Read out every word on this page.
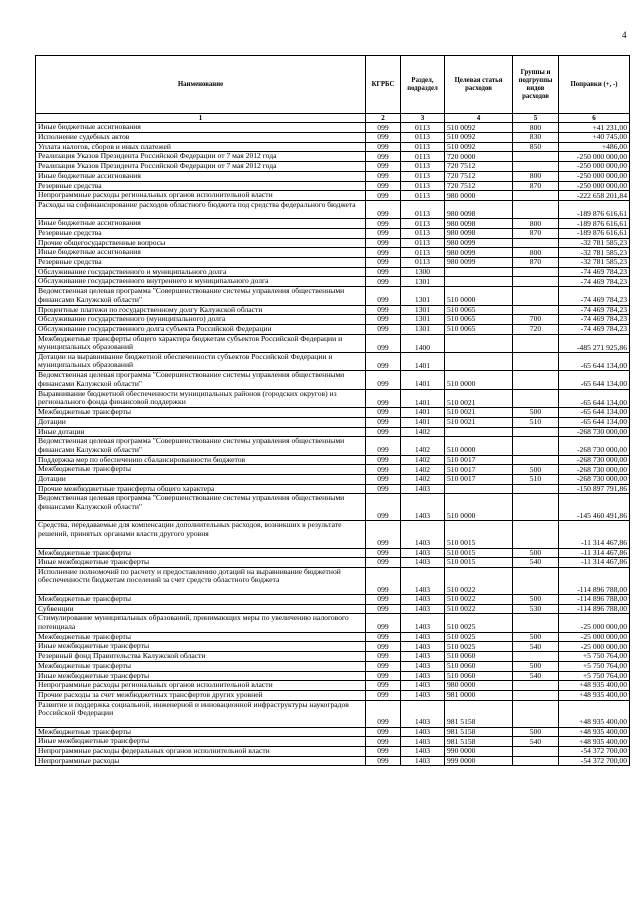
4
Наименование	КГРБС	Раздел, подраздел	Целевая статья расходов	Группы и подгруппы видов расходов	Поправки (+, -)
1	2	3	4	5	6
Иные бюджетные ассигнования	099	0113	510 0092	800	+41 231,00
Исполнение судебных актов	099	0113	510 0092	830	+40 745,00
Уплата налогов, сборов и иных платежей	099	0113	510 0092	850	+486,00
Реализация Указов Президента Российской Федерации от 7 мая 2012 года	099	0113	720 0000		-250 000 000,00
Реализация Указов Президента Российской Федерации от 7 мая 2012 года	099	0113	720 7512		-250 000 000,00
Иные бюджетные ассигнования	099	0113	720 7512	800	-250 000 000,00
Резервные средства	099	0113	720 7512	870	-250 000 000,00
Непрограммные расходы региональных органов исполнительной власти	099	0113	980 0000		-222 658 201,84
Расходы на софинансирование расходов областного бюджета под средства федерального бюджета	099	0113	980 0098		-189 876 616,61
Иные бюджетные ассигнования	099	0113	980 0098	800	-189 876 616,61
Резервные средства	099	0113	980 0098	870	-189 876 616,61
Прочие общегосударственные вопросы	099	0113	980 0099		-32 781 585,23
Иные бюджетные ассигнования	099	0113	980 0099	800	-32 781 585,23
Резервные средства	099	0113	980 0099	870	-32 781 585,23
Обслуживание государственного и муниципального долга	099	1300			-74 469 784,23
Обслуживание государственного внутреннего и муниципального долга	099	1301			-74 469 784,23
Ведомственная целевая программа "Совершенствование системы управления общественными финансами Калужской области"	099	1301	510 0000		-74 469 784,23
Процентные платежи по государственному долгу Калужской области	099	1301	510 0065		-74 469 784,23
Обслуживание государственного (муниципального) долга	099	1301	510 0065	700	-74 469 784,23
Обслуживание государственного долга субъекта Российской Федерации	099	1301	510 0065	720	-74 469 784,23
Межбюджетные трансферты общего характера бюджетам субъектов Российской Федерации и муниципальных образований	099	1400			-485 271 925,86
Дотации на выравнивание бюджетной обеспеченности субъектов Российской Федерации и муниципальных образований	099	1401			-65 644 134,00
Ведомственная целевая программа "Совершенствование системы управления общественными финансами Калужской области"	099	1401	510 0000		-65 644 134,00
Выравнивание бюджетной обеспеченности муниципальных районов (городских округов) из регионального фонда финансовой поддержки	099	1401	510 0021		-65 644 134,00
Межбюджетные трансферты	099	1401	510 0021	500	-65 644 134,00
Дотации	099	1401	510 0021	510	-65 644 134,00
Иные дотации	099	1402			-268 730 000,00
Ведомственная целевая программа "Совершенствование системы управления общественными финансами Калужской области"	099	1402	510 0000		-268 730 000,00
Поддержка мер по обеспечению сбалансированности бюджетов	099	1402	510 0017		-268 730 000,00
Межбюджетные трансферты	099	1402	510 0017	500	-268 730 000,00
Дотации	099	1402	510 0017	510	-268 730 000,00
Прочие межбюджетные трансферты общего характера	099	1403			-150 897 791,86
Ведомственная целевая программа "Совершенствование системы управления общественными финансами Калужской области"	099	1403	510 0000		-145 460 491,86
Средства, передаваемые для компенсации дополнительных расходов, возникших в результате решений, принятых органами власти другого уровня	099	1403	510 0015		-11 314 467,86
Межбюджетные трансферты	099	1403	510 0015	500	-11 314 467,86
Иные межбюджетные трансферты	099	1403	510 0015	540	-11 314 467,86
Исполнение полномочий по расчету и предоставлению дотаций на выравнивание бюджетной обеспеченности бюджетам поселений за счет средств областного бюджета	099	1403	510 0022		-114 896 788,00
Межбюджетные трансферты	099	1403	510 0022	500	-114 896 788,00
Субвенции	099	1403	510 0022	530	-114 896 788,00
Стимулирование муниципальных образований, принимающих меры по увеличению налогового потенциала	099	1403	510 0025		-25 000 000,00
Межбюджетные трансферты	099	1403	510 0025	500	-25 000 000,00
Иные межбюджетные трансферты	099	1403	510 0025	540	-25 000 000,00
Резервный фонд Правительства Калужской области	099	1403	510 0060		+5 750 764,00
Межбюджетные трансферты	099	1403	510 0060	500	+5 750 764,00
Иные межбюджетные трансферты	099	1403	510 0060	540	+5 750 764,00
Непрограммные расходы региональных органов исполнительной власти	099	1403	980 0000		+48 935 400,00
Прочие расходы за счет межбюджетных трансфертов других уровней	099	1403	981 0000		+48 935 400,00
Развитие и поддержка социальной, инженерной и инновационной инфраструктуры наукоградов Российской Федерации	099	1403	981 5158		+48 935 400,00
Межбюджетные трансферты	099	1403	981 5158	500	+48 935 400,00
Иные межбюджетные трансферты	099	1403	981 5158	540	+48 935 400,00
Непрограммные расходы федеральных органов исполнительной власти	099	1403	990 0000		-54 372 700,00
Непрограммные расходы	099	1403	999 0000		-54 372 700,00
